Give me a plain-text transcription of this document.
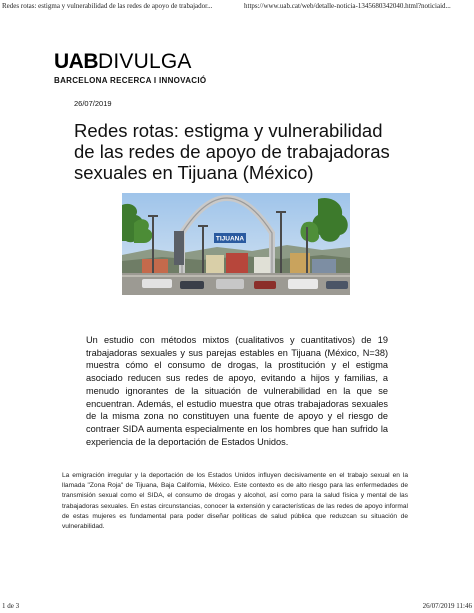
Redes rotas: estigma y vulnerabilidad de las redes de apoyo de trabajador...	https://www.uab.cat/web/detalle-noticia-1345680342040.html?noticiaid...
UAB DIVULGA
BARCELONA RECERCA I INNOVACIÓ
26/07/2019
Redes rotas: estigma y vulnerabilidad de las redes de apoyo de trabajadoras sexuales en Tijuana (México)
TIJUANA

Un estudio con métodos mixtos (cualitativos y cuantitativos) de 19 trabajadoras sexuales y sus parejas estables en Tijuana (México, N=38) muestra cómo el consumo de drogas, la prostitución y el estigma asociado reducen sus redes de apoyo, evitando a hijos y familias, a menudo ignorantes de la situación de vulnerabilidad en la que se encuentran. Además, el estudio muestra que otras trabajadoras sexuales de la misma zona no constituyen una fuente de apoyo y el riesgo de contraer SIDA aumenta especialmente en los hombres que han sufrido la experiencia de la deportación de Estados Unidos.

La emigración irregular y la deportación de los Estados Unidos influyen decisivamente en el trabajo sexual en la llamada "Zona Roja" de Tijuana, Baja California, México. Este contexto es de alto riesgo para las enfermedades de transmisión sexual como el SIDA, el consumo de drogas y alcohol, así como para la salud física y mental de las trabajadoras sexuales. En estas circunstancias, conocer la extensión y características de las redes de apoyo informal de estas mujeres es fundamental para poder diseñar políticas de salud pública que reduzcan su situación de vulnerabilidad.

1 de 3	26/07/2019 11:46
